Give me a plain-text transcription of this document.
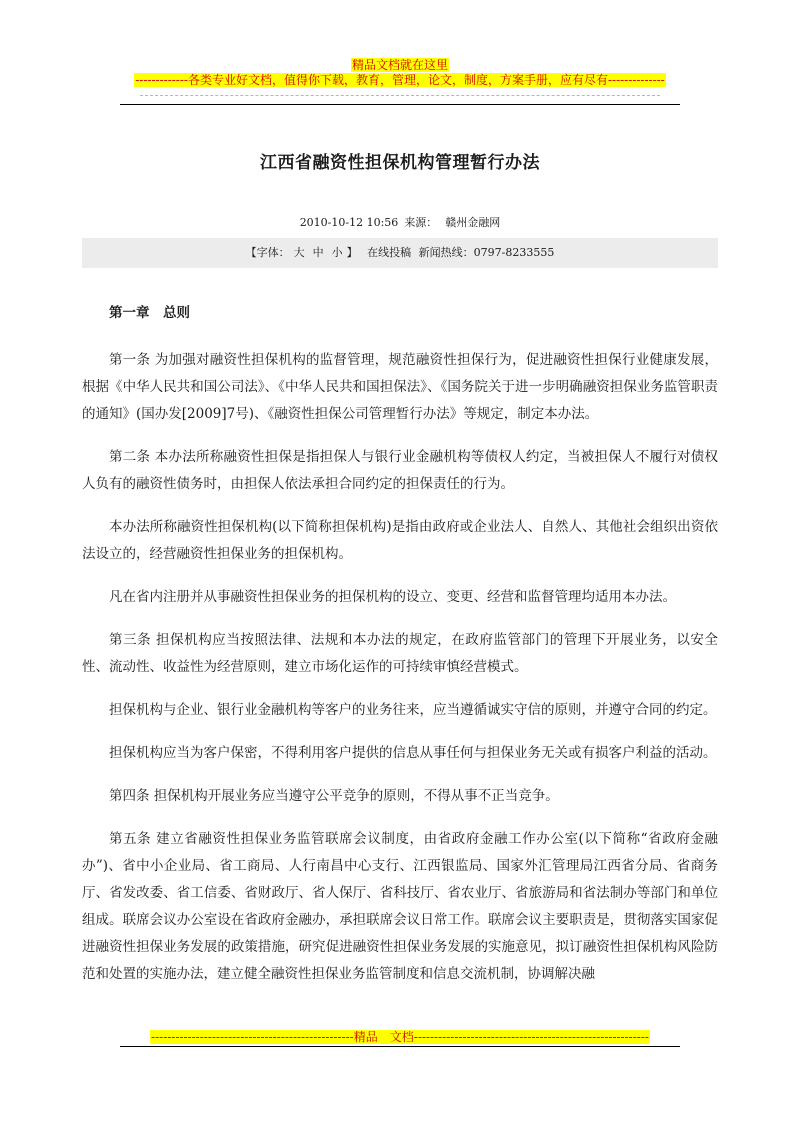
精品文档就在这里
-------------各类专业好文档，值得你下载，教育，管理，论文，制度，方案手册，应有尽有--------------
江西省融资性担保机构管理暂行办法
2010-10-12 10:56 来源： 赣州金融网
【字体： 大 中 小 】 在线投稿 新闻热线：0797-8233555

第一章　总则

第一条 为加强对融资性担保机构的监督管理，规范融资性担保行为，促进融资性担保行业健康发展，根据《中华人民共和国公司法》、《中华人民共和国担保法》、《国务院关于进一步明确融资担保业务监管职责的通知》(国办发[2009]7号)、《融资性担保公司管理暂行办法》等规定，制定本办法。

第二条 本办法所称融资性担保是指担保人与银行业金融机构等债权人约定，当被担保人不履行对债权人负有的融资性债务时，由担保人依法承担合同约定的担保责任的行为。

本办法所称融资性担保机构(以下简称担保机构)是指由政府或企业法人、自然人、其他社会组织出资依法设立的，经营融资性担保业务的担保机构。

凡在省内注册并从事融资性担保业务的担保机构的设立、变更、经营和监督管理均适用本办法。

第三条 担保机构应当按照法律、法规和本办法的规定，在政府监管部门的管理下开展业务，以安全性、流动性、收益性为经营原则，建立市场化运作的可持续审慎经营模式。

担保机构与企业、银行业金融机构等客户的业务往来，应当遵循诚实守信的原则，并遵守合同的约定。

担保机构应当为客户保密，不得利用客户提供的信息从事任何与担保业务无关或有损客户利益的活动。

第四条 担保机构开展业务应当遵守公平竞争的原则，不得从事不正当竞争。

第五条 建立省融资性担保业务监管联席会议制度，由省政府金融工作办公室(以下简称“省政府金融办”)、省中小企业局、省工商局、人行南昌中心支行、江西银监局、国家外汇管理局江西省分局、省商务厅、省发改委、省工信委、省财政厅、省人保厅、省科技厅、省农业厅、省旅游局和省法制办等部门和单位组成。联席会议办公室设在省政府金融办，承担联席会议日常工作。联席会议主要职责是，贯彻落实国家促进融资性担保业务发展的政策措施，研究促进融资性担保业务发展的实施意见，拟订融资性担保机构风险防范和处置的实施办法，建立健全融资性担保业务监管制度和信息交流机制，协调解决融

--------------------------------------------------精品　文档----------------------------------------------------------
